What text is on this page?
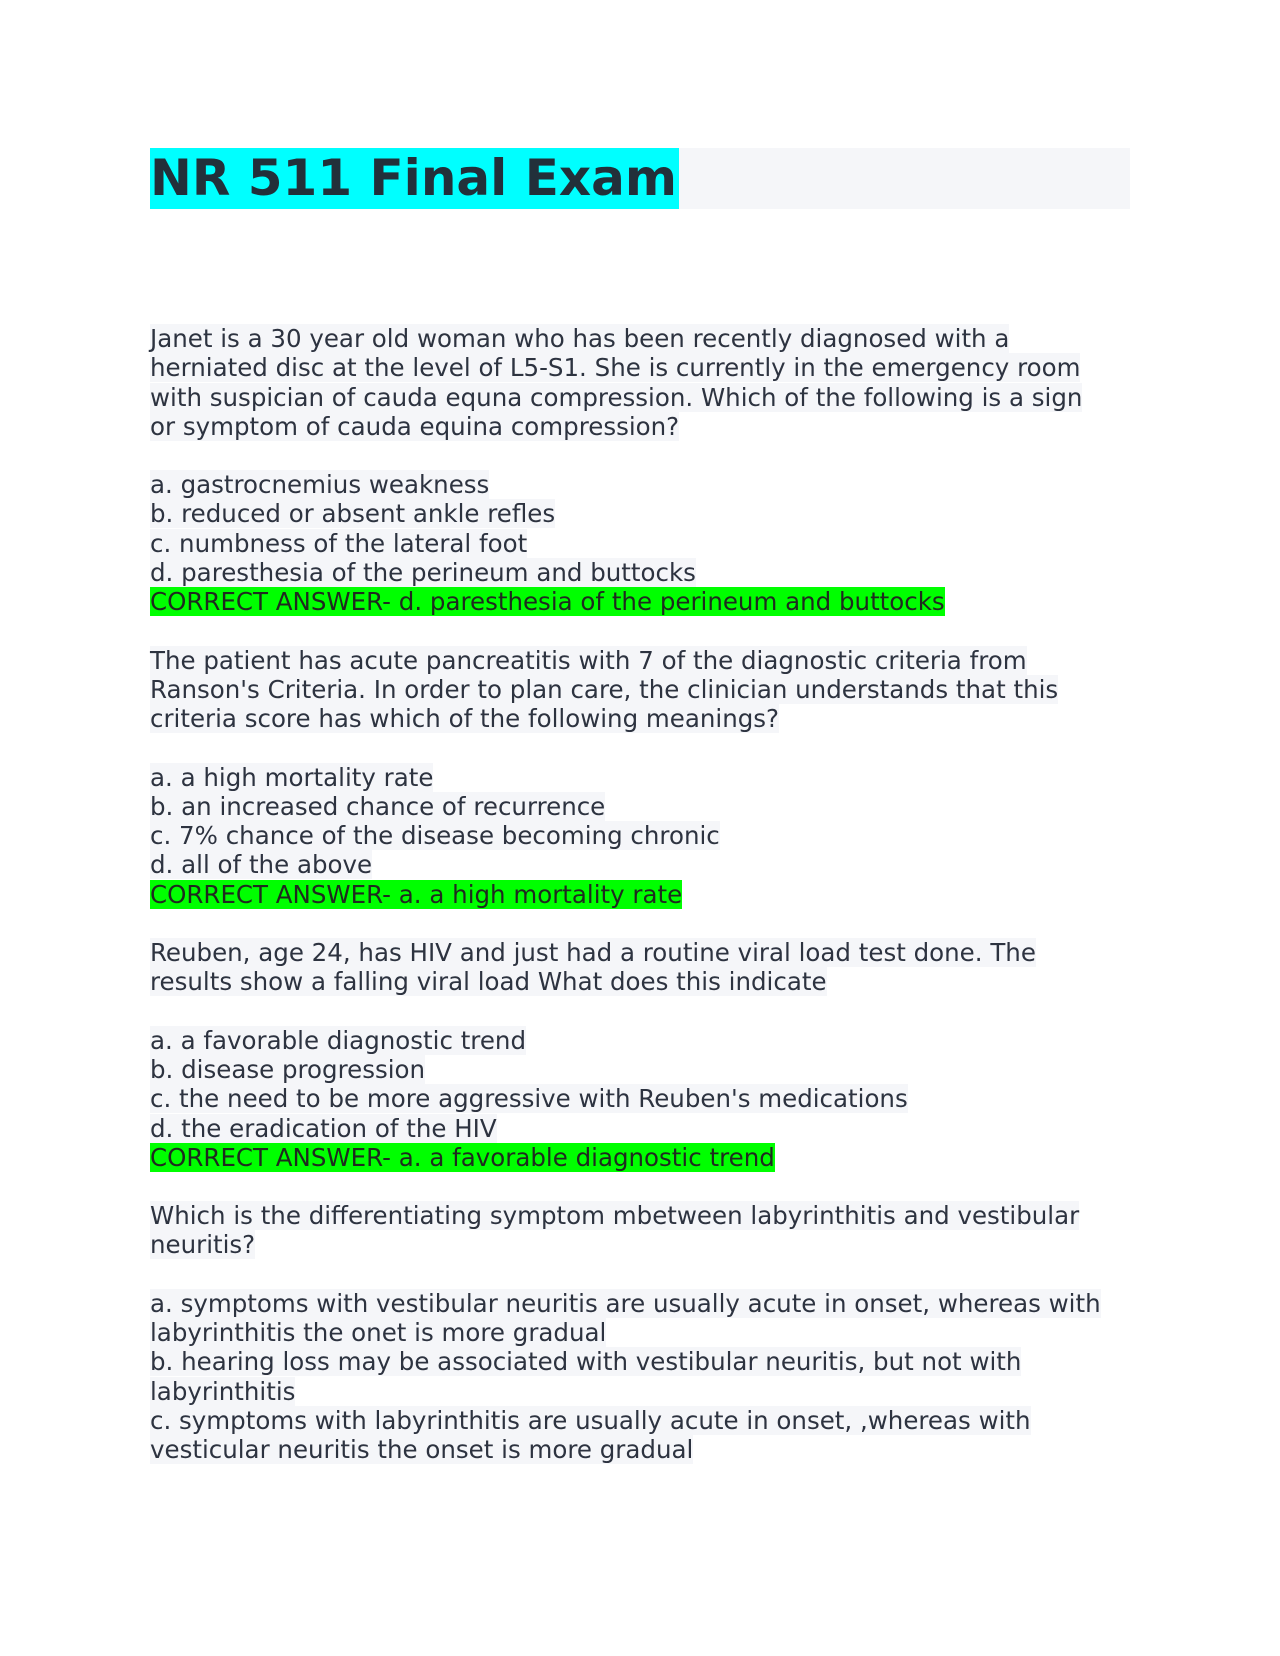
NR 511 Final Exam
Janet is a 30 year old woman who has been recently diagnosed with a
herniated disc at the level of L5-S1. She is currently in the emergency room
with suspician of cauda equna compression. Which of the following is a sign
or symptom of cauda equina compression?
a. gastrocnemius weakness
b. reduced or absent ankle refles
c. numbness of the lateral foot
d. paresthesia of the perineum and buttocks
CORRECT ANSWER- d. paresthesia of the perineum and buttocks
The patient has acute pancreatitis with 7 of the diagnostic criteria from
Ranson's Criteria. In order to plan care, the clinician understands that this
criteria score has which of the following meanings?
a. a high mortality rate
b. an increased chance of recurrence
c. 7% chance of the disease becoming chronic
d. all of the above
CORRECT ANSWER- a. a high mortality rate
Reuben, age 24, has HIV and just had a routine viral load test done. The
results show a falling viral load What does this indicate
a. a favorable diagnostic trend
b. disease progression
c. the need to be more aggressive with Reuben's medications
d. the eradication of the HIV
CORRECT ANSWER- a. a favorable diagnostic trend
Which is the differentiating symptom mbetween labyrinthitis and vestibular
neuritis?
a. symptoms with vestibular neuritis are usually acute in onset, whereas with
labyrinthitis the onet is more gradual
b. hearing loss may be associated with vestibular neuritis, but not with
labyrinthitis
c. symptoms with labyrinthitis are usually acute in onset, ,whereas with
vesticular neuritis the onset is more gradual
